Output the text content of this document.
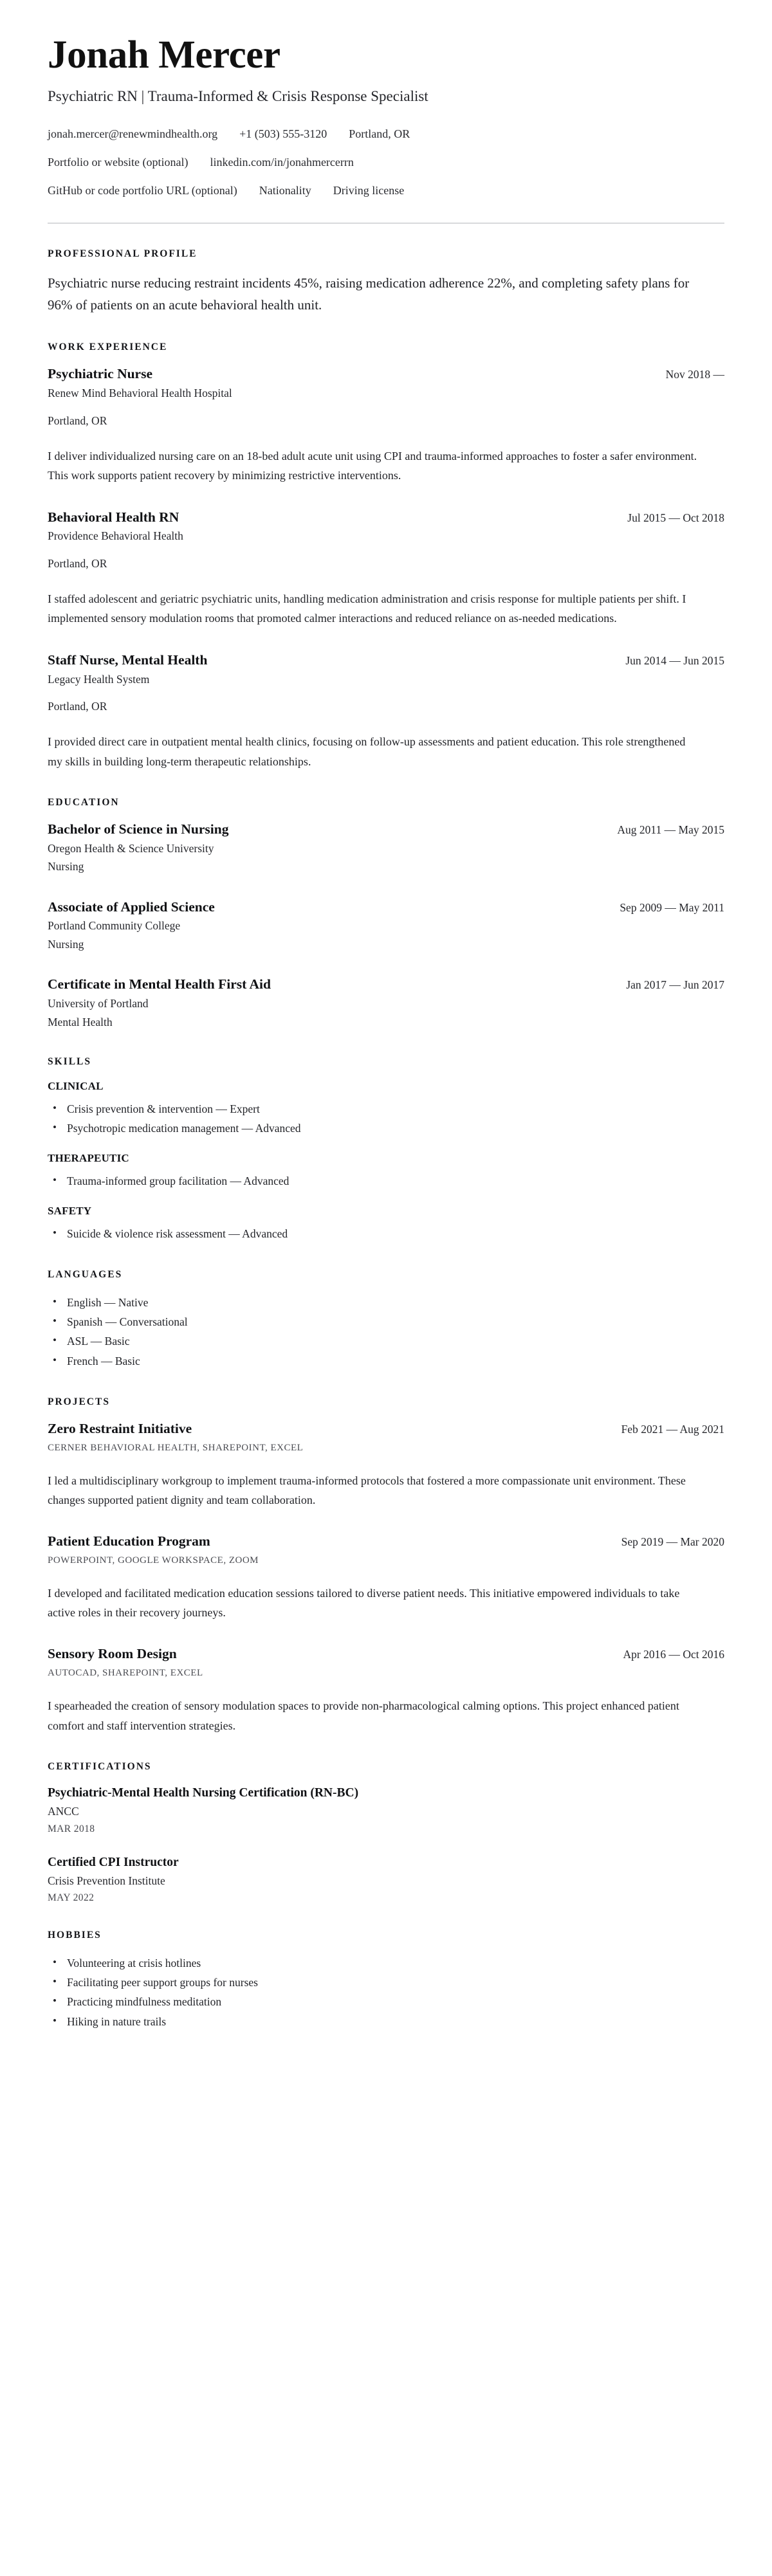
Jonah Mercer
Psychiatric RN | Trauma-Informed & Crisis Response Specialist
jonah.mercer@renewmindhealth.org +1 (503) 555-3120 Portland, OR
Portfolio or website (optional) linkedin.com/in/jonahmercerrn
GitHub or code portfolio URL (optional) Nationality Driving license
PROFESSIONAL PROFILE

Psychiatric nurse reducing restraint incidents 45%, raising medication adherence 22%, and completing safety plans for 96% of patients on an acute behavioral health unit.

WORK EXPERIENCE
Psychiatric Nurse	Nov 2018 —
Renew Mind Behavioral Health Hospital
Portland, OR
I deliver individualized nursing care on an 18-bed adult acute unit using CPI and trauma-informed approaches to foster a safer environment. This work supports patient recovery by minimizing restrictive interventions.
Behavioral Health RN	Jul 2015 — Oct 2018
Providence Behavioral Health
Portland, OR
I staffed adolescent and geriatric psychiatric units, handling medication administration and crisis response for multiple patients per shift. I implemented sensory modulation rooms that promoted calmer interactions and reduced reliance on as-needed medications.
Staff Nurse, Mental Health	Jun 2014 — Jun 2015
Legacy Health System
Portland, OR
I provided direct care in outpatient mental health clinics, focusing on follow-up assessments and patient education. This role strengthened my skills in building long-term therapeutic relationships.
EDUCATION
Bachelor of Science in Nursing	Aug 2011 — May 2015
Oregon Health & Science University
Nursing
Associate of Applied Science	Sep 2009 — May 2011
Portland Community College
Nursing
Certificate in Mental Health First Aid	Jan 2017 — Jun 2017
University of Portland
Mental Health
SKILLS
CLINICAL
• Crisis prevention & intervention — Expert
• Psychotropic medication management — Advanced
THERAPEUTIC
• Trauma-informed group facilitation — Advanced
SAFETY
• Suicide & violence risk assessment — Advanced
LANGUAGES
• English — Native
• Spanish — Conversational
• ASL — Basic
• French — Basic
PROJECTS
Zero Restraint Initiative	Feb 2021 — Aug 2021
CERNER BEHAVIORAL HEALTH, SHAREPOINT, EXCEL
I led a multidisciplinary workgroup to implement trauma-informed protocols that fostered a more compassionate unit environment. These changes supported patient dignity and team collaboration.
Patient Education Program	Sep 2019 — Mar 2020
POWERPOINT, GOOGLE WORKSPACE, ZOOM
I developed and facilitated medication education sessions tailored to diverse patient needs. This initiative empowered individuals to take active roles in their recovery journeys.
Sensory Room Design	Apr 2016 — Oct 2016
AUTOCAD, SHAREPOINT, EXCEL
I spearheaded the creation of sensory modulation spaces to provide non-pharmacological calming options. This project enhanced patient comfort and staff intervention strategies.
CERTIFICATIONS
Psychiatric-Mental Health Nursing Certification (RN-BC)
ANCC
MAR 2018
Certified CPI Instructor
Crisis Prevention Institute
MAY 2022
HOBBIES
• Volunteering at crisis hotlines
• Facilitating peer support groups for nurses
• Practicing mindfulness meditation
• Hiking in nature trails
